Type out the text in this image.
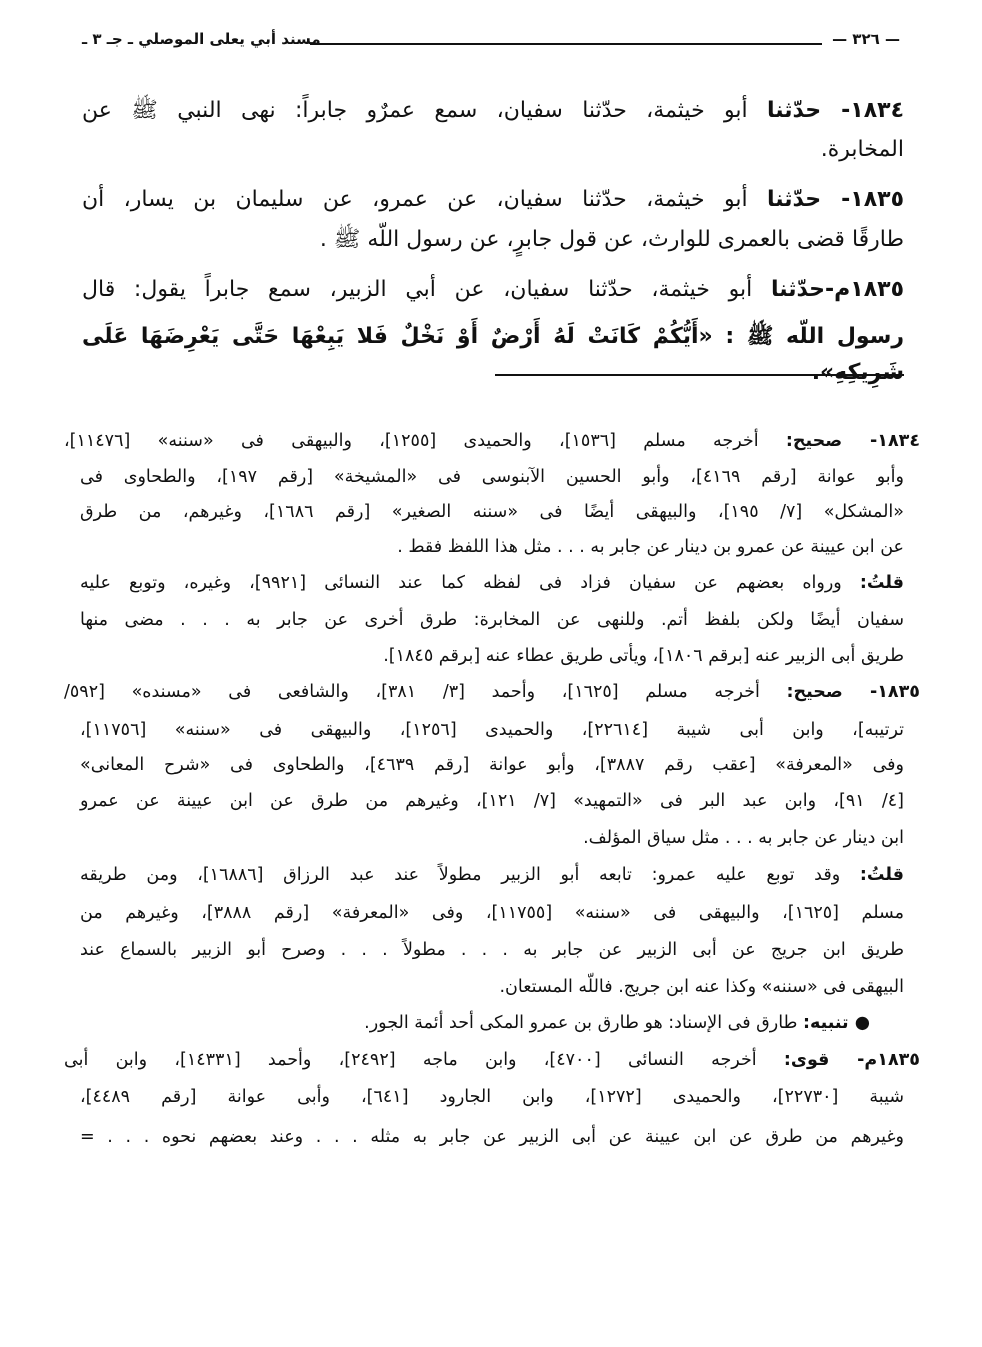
— ٣٢٦ —
مسند أبي يعلى الموصلي ـ جـ ٣ ـ
١٨٣٤- حدّثنا أبو خيثمة، حدّثنا سفيان، سمع عمرٌو جابراً: نهى النبي ﷺ عن
المخابرة.
١٨٣٥- حدّثنا أبو خيثمة، حدّثنا سفيان، عن عمرو، عن سليمان بن يسار، أن
طارقًا قضى بالعمرى للوارث، عن قول جابرٍ، عن رسول اللّه ﷺ .
١٨٣٥م-حدّثنا أبو خيثمة، حدّثنا سفيان، عن أبي الزبير، سمع جابراً يقول: قال
رسول اللّه ﷺ : «أَيُّكُمْ كَانَتْ لَهُ أَرْضٌ أَوْ نَخْلٌ فَلا يَبِعْهَا حَتَّى يَعْرِضَهَا عَلَى شَرِيكِهِ».
١٨٣٤- صحيح: أخرجه مسلم [١٥٣٦]، والحميدى [١٢٥٥]، والبيهقى فى «سننه» [١١٤٧٦]،
وأبو عوانة [رقم ٤١٦٩]، وأبو الحسين الآبنوسى فى «المشيخة» [رقم ١٩٧]، والطحاوى فى
«المشكل» [٧/ ١٩٥]، والبيهقى أيضًا فى «سننه الصغير» [رقم ١٦٨٦]، وغيرهم، من طرق
عن ابن عيينة عن عمرو بن دينار عن جابر به . . . مثل هذا اللفظ فقط .
قلتُ: ورواه بعضهم عن سفيان فزاد فى لفظه كما عند النسائى [٩٩٢١]، وغيره، وتوبع عليه
سفيان أيضًا ولكن بلفظ أتم. وللنهى عن المخابرة: طرق أخرى عن جابر به . . . مضى منها
طريق أبى الزبير عنه [برقم ١٨٠٦]، ويأتى طريق عطاء عنه [برقم ١٨٤٥].
١٨٣٥- صحيح: أخرجه مسلم [١٦٢٥]، وأحمد [٣/ ٣٨١]، والشافعى فى «مسنده» [٥٩٢/
ترتيبه]، وابن أبى شيبة [٢٢٦١٤]، والحميدى [١٢٥٦]، والبيهقى فى «سننه» [١١٧٥٦]،
وفى «المعرفة» [عقب رقم ٣٨٨٧]، وأبو عوانة [رقم ٤٦٣٩]، والطحاوى فى «شرح المعانى»
[٤/ ٩١]، وابن عبد البر فى «التمهيد» [٧/ ١٢١]، وغيرهم من طرق عن ابن عيينة عن عمرو
ابن دينار عن جابر به . . . مثل سياق المؤلف.
قلتُ: وقد توبع عليه عمرو: تابعه أبو الزبير مطولاً عند عبد الرزاق [١٦٨٨٦]، ومن طريقه
مسلم [١٦٢٥]، والبيهقى فى «سننه» [١١٧٥٥]، وفى «المعرفة» [رقم ٣٨٨٨]، وغيرهم من
طريق ابن جريج عن أبى الزبير عن جابر به . . . مطولاً . . . وصرح أبو الزبير بالسماع عند
البيهقى فى «سننه» وكذا عنه ابن جريج. فاللّه المستعان.
● تنبيه: طارق فى الإسناد: هو طارق بن عمرو المكى أحد أئمة الجور.
١٨٣٥م- قوى: أخرجه النسائى [٤٧٠٠]، وابن ماجه [٢٤٩٢]، وأحمد [١٤٣٣١]، وابن أبى
شيبة [٢٢٧٣٠]، والحميدى [١٢٧٢]، وابن الجارود [٦٤١]، وأبى عوانة [رقم ٤٤٨٩]،
وغيرهم من طرق عن ابن عيينة عن أبى الزبير عن جابر به مثله . . . وعند بعضهم نحوه . . . =
